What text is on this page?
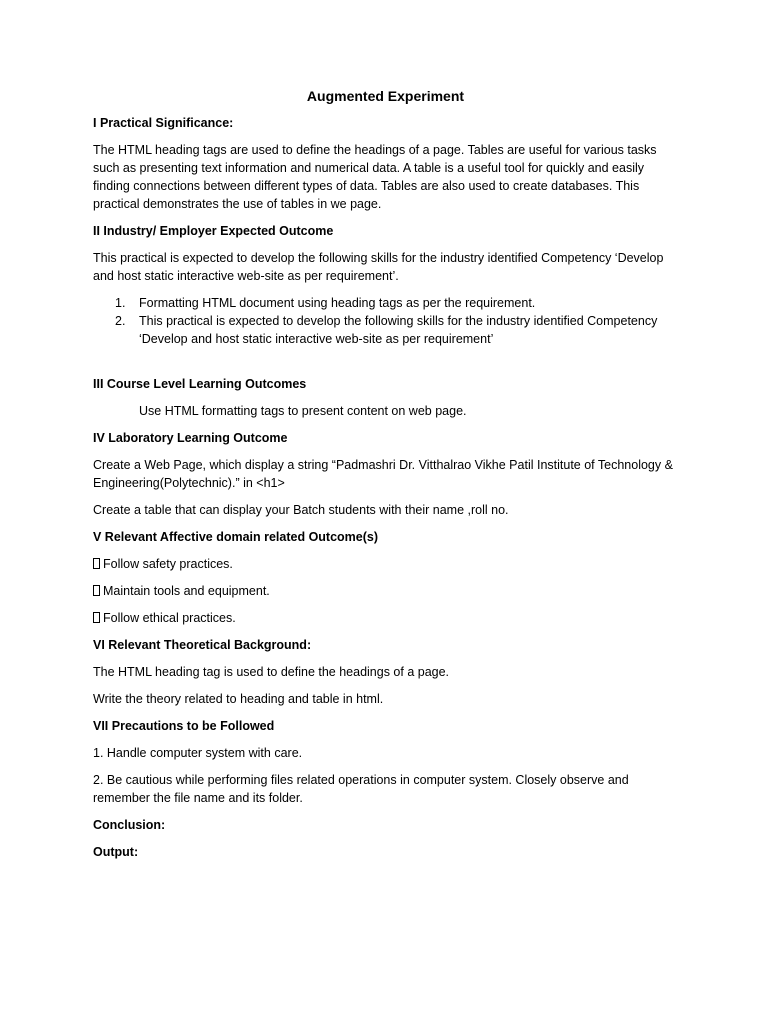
Augmented Experiment
I Practical Significance:
The HTML heading tags are used to define the headings of a page. Tables are useful for various tasks such as presenting text information and numerical data. A table is a useful tool for quickly and easily finding connections between different types of data. Tables are also used to create databases. This practical demonstrates the use of tables in we page.
II Industry/ Employer Expected Outcome
This practical is expected to develop the following skills for the industry identified Competency ‘Develop and host static interactive web-site as per requirement’.
1.	Formatting HTML document using heading tags as per the requirement.
2.	This practical is expected to develop the following skills for the industry identified Competency ‘Develop and host static interactive web-site as per requirement’
III Course Level Learning Outcomes
Use HTML formatting tags to present content on web page.
IV Laboratory Learning Outcome
Create a Web Page, which display a string “Padmashri Dr. Vitthalrao Vikhe Patil Institute of Technology & Engineering(Polytechnic).” in <h1>
Create a table that can display your Batch students with their name ,roll no.
V Relevant Affective domain related Outcome(s)
Follow safety practices.
Maintain tools and equipment.
Follow ethical practices.
VI Relevant Theoretical Background:
The HTML heading tag is used to define the headings of a page.
Write the theory related to heading and table in html.
VII Precautions to be Followed
1. Handle computer system with care.
2. Be cautious while performing files related operations in computer system. Closely observe and remember the file name and its folder.
Conclusion:
Output:
